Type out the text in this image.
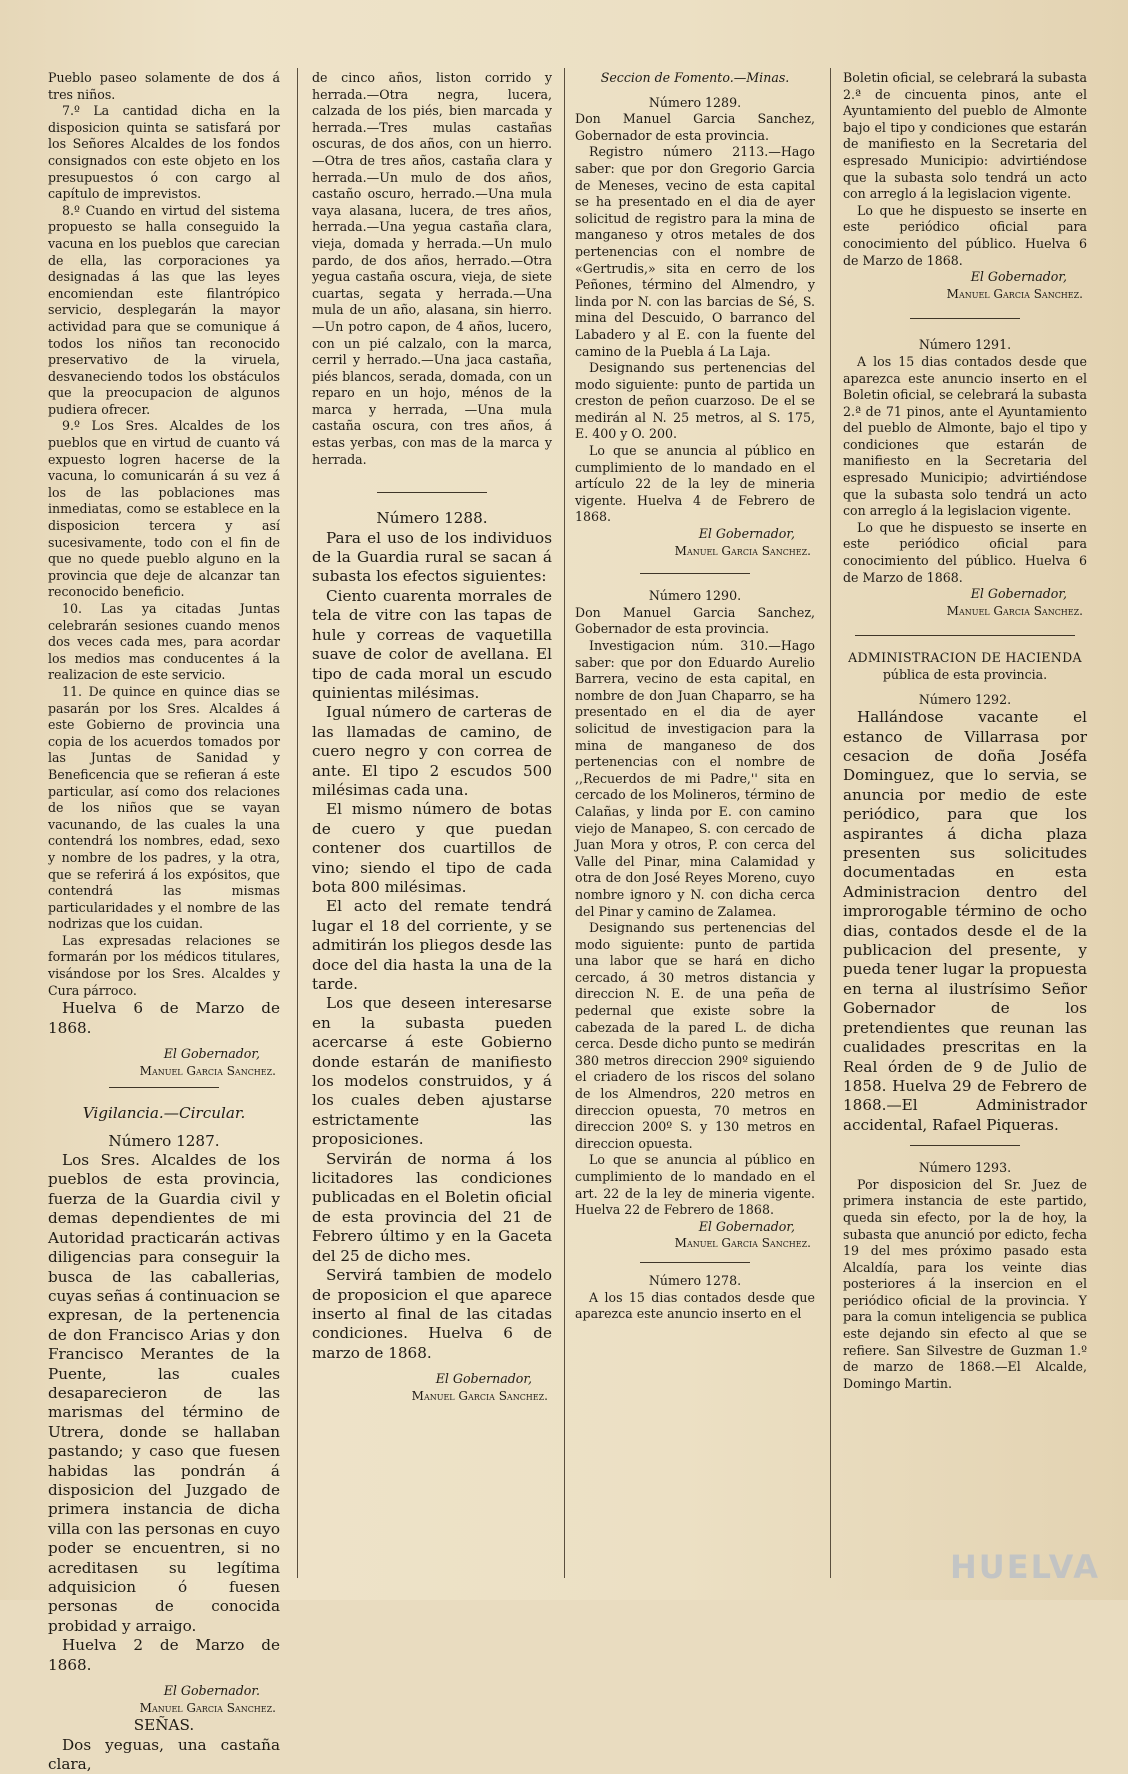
Pueblo paseo solamente de dos á tres niños.

7.º La cantidad dicha en la disposicion quinta se satisfará por los Señores Alcaldes de los fondos consignados con este objeto en los presupuestos ó con cargo al capítulo de imprevistos.

8.º Cuando en virtud del sistema propuesto se halla conseguido la vacuna en los pueblos que carecian de ella, las corporaciones ya designadas á las que las leyes encomiendan este filantrópico servicio, desplegarán la mayor actividad para que se comunique á todos los niños tan reconocido preservativo de la viruela, desvaneciendo todos los obstáculos que la preocupacion de algunos pudiera ofrecer.

9.º Los Sres. Alcaldes de los pueblos que en virtud de cuanto vá expuesto logren hacerse de la vacuna, lo comunicarán á su vez á los de las poblaciones mas inmediatas, como se establece en la disposicion tercera y así sucesivamente, todo con el fin de que no quede pueblo alguno en la provincia que deje de alcanzar tan reconocido beneficio.

10. Las ya citadas Juntas celebrarán sesiones cuando menos dos veces cada mes, para acordar los medios mas conducentes á la realizacion de este servicio.

11. De quince en quince dias se pasarán por los Sres. Alcaldes á este Gobierno de provincia una copia de los acuerdos tomados por las Juntas de Sanidad y Beneficencia que se refieran á este particular, así como dos relaciones de los niños que se vayan vacunando, de las cuales la una contendrá los nombres, edad, sexo y nombre de los padres, y la otra, que se referirá á los expósitos, que contendrá las mismas particularidades y el nombre de las nodrizas que los cuidan.

Las expresadas relaciones se formarán por los médicos titulares, visándose por los Sres. Alcaldes y Cura párroco.

Huelva 6 de Marzo de 1868.

El Gobernador,

Manuel Garcia Sanchez.

Vigilancia.—Circular.

Número 1287.

Los Sres. Alcaldes de los pueblos de esta provincia, fuerza de la Guardia civil y demas dependientes de mi Autoridad practicarán activas diligencias para conseguir la busca de las caballerias, cuyas señas á continuacion se expresan, de la pertenencia de don Francisco Arias y don Francisco Merantes de la Puente, las cuales desaparecieron de las marismas del término de Utrera, donde se hallaban pastando; y caso que fuesen habidas las pondrán á disposicion del Juzgado de primera instancia de dicha villa con las personas en cuyo poder se encuentren, si no acreditasen su legítima adquisicion ó fuesen personas de conocida probidad y arraigo.

Huelva 2 de Marzo de 1868.

El Gobernador.

Manuel Garcia Sanchez.

SEÑAS.

Dos yeguas, una castaña clara,

de cinco años, liston corrido y herrada.—Otra negra, lucera, calzada de los piés, bien marcada y herrada.—Tres mulas castañas oscuras, de dos años, con un hierro.—Otra de tres años, castaña clara y herrada.—Un mulo de dos años, castaño oscuro, herrado.—Una mula vaya alasana, lucera, de tres años, herrada.—Una yegua castaña clara, vieja, domada y herrada.—Un mulo pardo, de dos años, herrado.—Otra yegua castaña oscura, vieja, de siete cuartas, segata y herrada.—Una mula de un año, alasana, sin hierro.—Un potro capon, de 4 años, lucero, con un pié calzalo, con la marca, cerril y herrado.—Una jaca castaña, piés blancos, serada, domada, con un reparo en un hojo, ménos de la marca y herrada, —Una mula castaña oscura, con tres años, á estas yerbas, con mas de la marca y herrada.

Número 1288.

Para el uso de los individuos de la Guardia rural se sacan á subasta los efectos siguientes:

Ciento cuarenta morrales de tela de vitre con las tapas de hule y correas de vaquetilla suave de color de avellana. El tipo de cada moral un escudo quinientas milésimas.

Igual número de carteras de las llamadas de camino, de cuero negro y con correa de ante. El tipo 2 escudos 500 milésimas cada una.

El mismo número de botas de cuero y que puedan contener dos cuartillos de vino; siendo el tipo de cada bota 800 milésimas.

El acto del remate tendrá lugar el 18 del corriente, y se admitirán los pliegos desde las doce del dia hasta la una de la tarde.

Los que deseen interesarse en la subasta pueden acercarse á este Gobierno donde estarán de manifiesto los modelos construidos, y á los cuales deben ajustarse estrictamente las proposiciones.

Servirán de norma á los licitadores las condiciones publicadas en el Boletin oficial de esta provincia del 21 de Febrero último y en la Gaceta del 25 de dicho mes.

Servirá tambien de modelo de proposicion el que aparece inserto al final de las citadas condiciones. Huelva 6 de marzo de 1868.

El Gobernador,

Manuel Garcia Sanchez.

Seccion de Fomento.—Minas.

Número 1289.

Don Manuel Garcia Sanchez, Gobernador de esta provincia.

Registro número 2113.—Hago saber: que por don Gregorio Garcia de Meneses, vecino de esta capital se ha presentado en el dia de ayer solicitud de registro para la mina de manganeso y otros metales de dos pertenencias con el nombre de «Gertrudis,» sita en cerro de los Peñones, término del Almendro, y linda por N. con las barcias de Sé, S. mina del Descuido, O barranco del Labadero y al E. con la fuente del camino de la Puebla á La Laja.

Designando sus pertenencias del modo siguiente: punto de partida un creston de peñon cuarzoso. De el se medirán al N. 25 metros, al S. 175, E. 400 y O. 200.

Lo que se anuncia al público en cumplimiento de lo mandado en el artículo 22 de la ley de mineria vigente. Huelva 4 de Febrero de 1868.

El Gobernador,

Manuel Garcia Sanchez.

Número 1290.

Don Manuel Garcia Sanchez, Gobernador de esta provincia.

Investigacion núm. 310.—Hago saber: que por don Eduardo Aurelio Barrera, vecino de esta capital, en nombre de don Juan Chaparro, se ha presentado en el dia de ayer solicitud de investigacion para la mina de manganeso de dos pertenencias con el nombre de ,,Recuerdos de mi Padre,'' sita en cercado de los Molineros, término de Calañas, y linda por E. con camino viejo de Manapeo, S. con cercado de Juan Mora y otros, P. con cerca del Valle del Pinar, mina Calamidad y otra de don José Reyes Moreno, cuyo nombre ignoro y N. con dicha cerca del Pinar y camino de Zalamea.

Designando sus pertenencias del modo siguiente: punto de partida una labor que se hará en dicho cercado, á 30 metros distancia y direccion N. E. de una peña de pedernal que existe sobre la cabezada de la pared L. de dicha cerca. Desde dicho punto se medirán 380 metros direccion 290º siguiendo el criadero de los riscos del solano de los Almendros, 220 metros en direccion opuesta, 70 metros en direccion 200º S. y 130 metros en direccion opuesta.

Lo que se anuncia al público en cumplimiento de lo mandado en el art. 22 de la ley de mineria vigente. Huelva 22 de Febrero de 1868.

El Gobernador,

Manuel Garcia Sanchez.

Número 1278.

A los 15 dias contados desde que aparezca este anuncio inserto en el

Boletin oficial, se celebrará la subasta 2.ª de cincuenta pinos, ante el Ayuntamiento del pueblo de Almonte bajo el tipo y condiciones que estarán de manifiesto en la Secretaria del espresado Municipio: advirtiéndose que la subasta solo tendrá un acto con arreglo á la legislacion vigente.

Lo que he dispuesto se inserte en este periódico oficial para conocimiento del público. Huelva 6 de Marzo de 1868.

El Gobernador,

Manuel Garcia Sanchez.

Número 1291.

A los 15 dias contados desde que aparezca este anuncio inserto en el Boletin oficial, se celebrará la subasta 2.ª de 71 pinos, ante el Ayuntamiento del pueblo de Almonte, bajo el tipo y condiciones que estarán de manifiesto en la Secretaria del espresado Municipio; advirtiéndose que la subasta solo tendrá un acto con arreglo á la legislacion vigente.

Lo que he dispuesto se inserte en este periódico oficial para conocimiento del público. Huelva 6 de Marzo de 1868.

El Gobernador,

Manuel Garcia Sanchez.

ADMINISTRACION DE HACIENDA

pública de esta provincia.

Número 1292.

Hallándose vacante el estanco de Villarrasa por cesacion de doña Joséfa Dominguez, que lo servia, se anuncia por medio de este periódico, para que los aspirantes á dicha plaza presenten sus solicitudes documentadas en esta Administracion dentro del improrogable término de ocho dias, contados desde el de la publicacion del presente, y pueda tener lugar la propuesta en terna al ilustrísimo Señor Gobernador de los pretendientes que reunan las cualidades prescritas en la Real órden de 9 de Julio de 1858. Huelva 29 de Febrero de 1868.—El Administrador accidental, Rafael Piqueras.

Número 1293.

Por disposicion del Sr. Juez de primera instancia de este partido, queda sin efecto, por la de hoy, la subasta que anunció por edicto, fecha 19 del mes próximo pasado esta Alcaldía, para los veinte dias posteriores á la insercion en el periódico oficial de la provincia. Y para la comun inteligencia se publica este dejando sin efecto al que se refiere. San Silvestre de Guzman 1.º de marzo de 1868.—El Alcalde, Domingo Martin.

HUELVA
